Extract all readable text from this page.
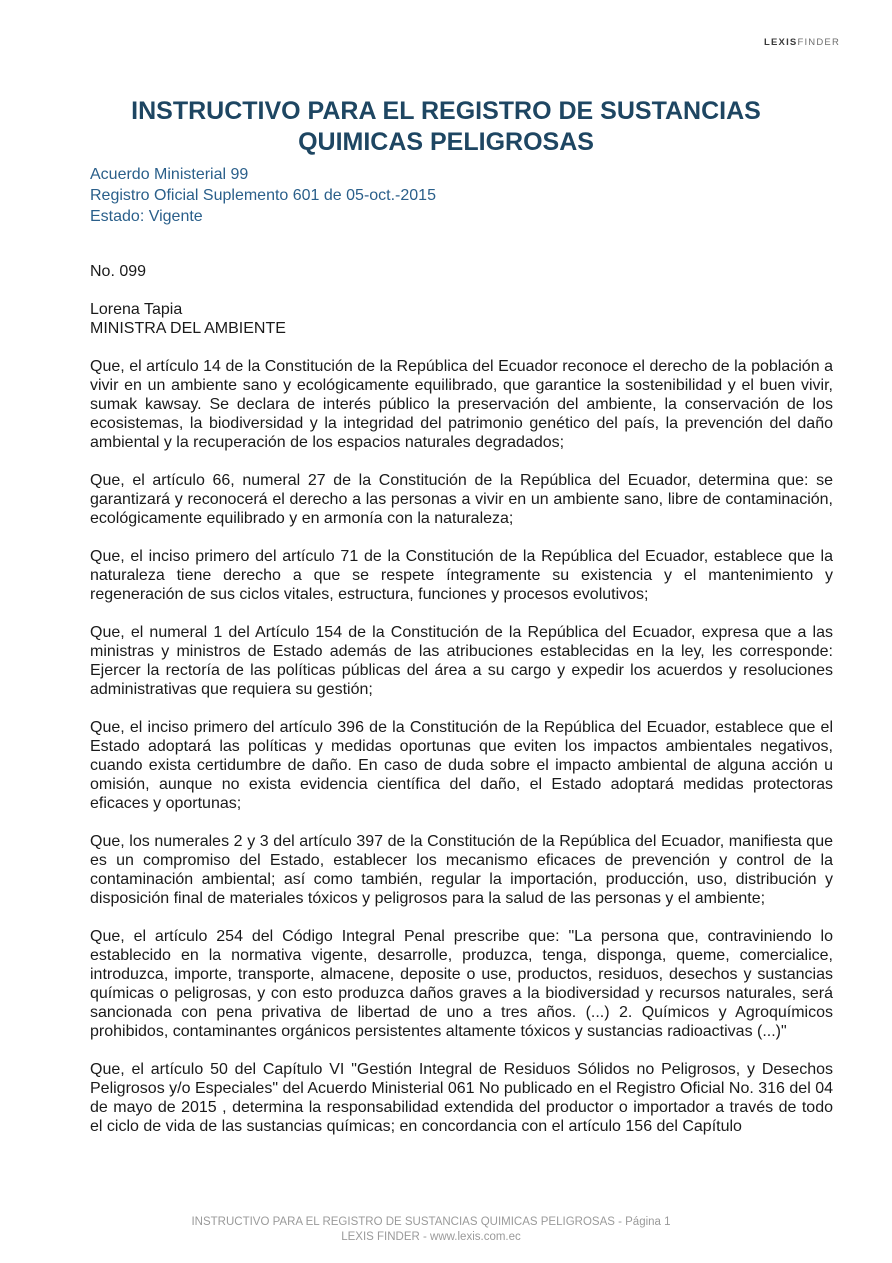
LEXISFINDER
INSTRUCTIVO PARA EL REGISTRO DE SUSTANCIAS
QUIMICAS PELIGROSAS
Acuerdo Ministerial 99
Registro Oficial Suplemento 601 de 05-oct.-2015
Estado: Vigente

No. 099

Lorena Tapia
MINISTRA DEL AMBIENTE

Que, el artículo 14 de la Constitución de la República del Ecuador reconoce el derecho de la población a vivir en un ambiente sano y ecológicamente equilibrado, que garantice la sostenibilidad y el buen vivir, sumak kawsay. Se declara de interés público la preservación del ambiente, la conservación de los ecosistemas, la biodiversidad y la integridad del patrimonio genético del país, la prevención del daño ambiental y la recuperación de los espacios naturales degradados;

Que, el artículo 66, numeral 27 de la Constitución de la República del Ecuador, determina que: se garantizará y reconocerá el derecho a las personas a vivir en un ambiente sano, libre de contaminación, ecológicamente equilibrado y en armonía con la naturaleza;

Que, el inciso primero del artículo 71 de la Constitución de la República del Ecuador, establece que la naturaleza tiene derecho a que se respete íntegramente su existencia y el mantenimiento y regeneración de sus ciclos vitales, estructura, funciones y procesos evolutivos;

Que, el numeral 1 del Artículo 154 de la Constitución de la República del Ecuador, expresa que a las ministras y ministros de Estado además de las atribuciones establecidas en la ley, les corresponde: Ejercer la rectoría de las políticas públicas del área a su cargo y expedir los acuerdos y resoluciones administrativas que requiera su gestión;

Que, el inciso primero del artículo 396 de la Constitución de la República del Ecuador, establece que el Estado adoptará las políticas y medidas oportunas que eviten los impactos ambientales negativos, cuando exista certidumbre de daño. En caso de duda sobre el impacto ambiental de alguna acción u omisión, aunque no exista evidencia científica del daño, el Estado adoptará medidas protectoras eficaces y oportunas;

Que, los numerales 2 y 3 del artículo 397 de la Constitución de la República del Ecuador, manifiesta que es un compromiso del Estado, establecer los mecanismo eficaces de prevención y control de la contaminación ambiental; así como también, regular la importación, producción, uso, distribución y disposición final de materiales tóxicos y peligrosos para la salud de las personas y el ambiente;

Que, el artículo 254 del Código Integral Penal prescribe que: "La persona que, contraviniendo lo establecido en la normativa vigente, desarrolle, produzca, tenga, disponga, queme, comercialice, introduzca, importe, transporte, almacene, deposite o use, productos, residuos, desechos y sustancias químicas o peligrosas, y con esto produzca daños graves a la biodiversidad y recursos naturales, será sancionada con pena privativa de libertad de uno a tres años. (...) 2. Químicos y Agroquímicos prohibidos, contaminantes orgánicos persistentes altamente tóxicos y sustancias radioactivas (...)"

Que, el artículo 50 del Capítulo VI "Gestión Integral de Residuos Sólidos no Peligrosos, y Desechos Peligrosos y/o Especiales" del Acuerdo Ministerial 061 No publicado en el Registro Oficial No. 316 del 04 de mayo de 2015 , determina la responsabilidad extendida del productor o importador a través de todo el ciclo de vida de las sustancias químicas; en concordancia con el artículo 156 del Capítulo

INSTRUCTIVO PARA EL REGISTRO DE SUSTANCIAS QUIMICAS PELIGROSAS - Página 1
LEXIS FINDER - www.lexis.com.ec
